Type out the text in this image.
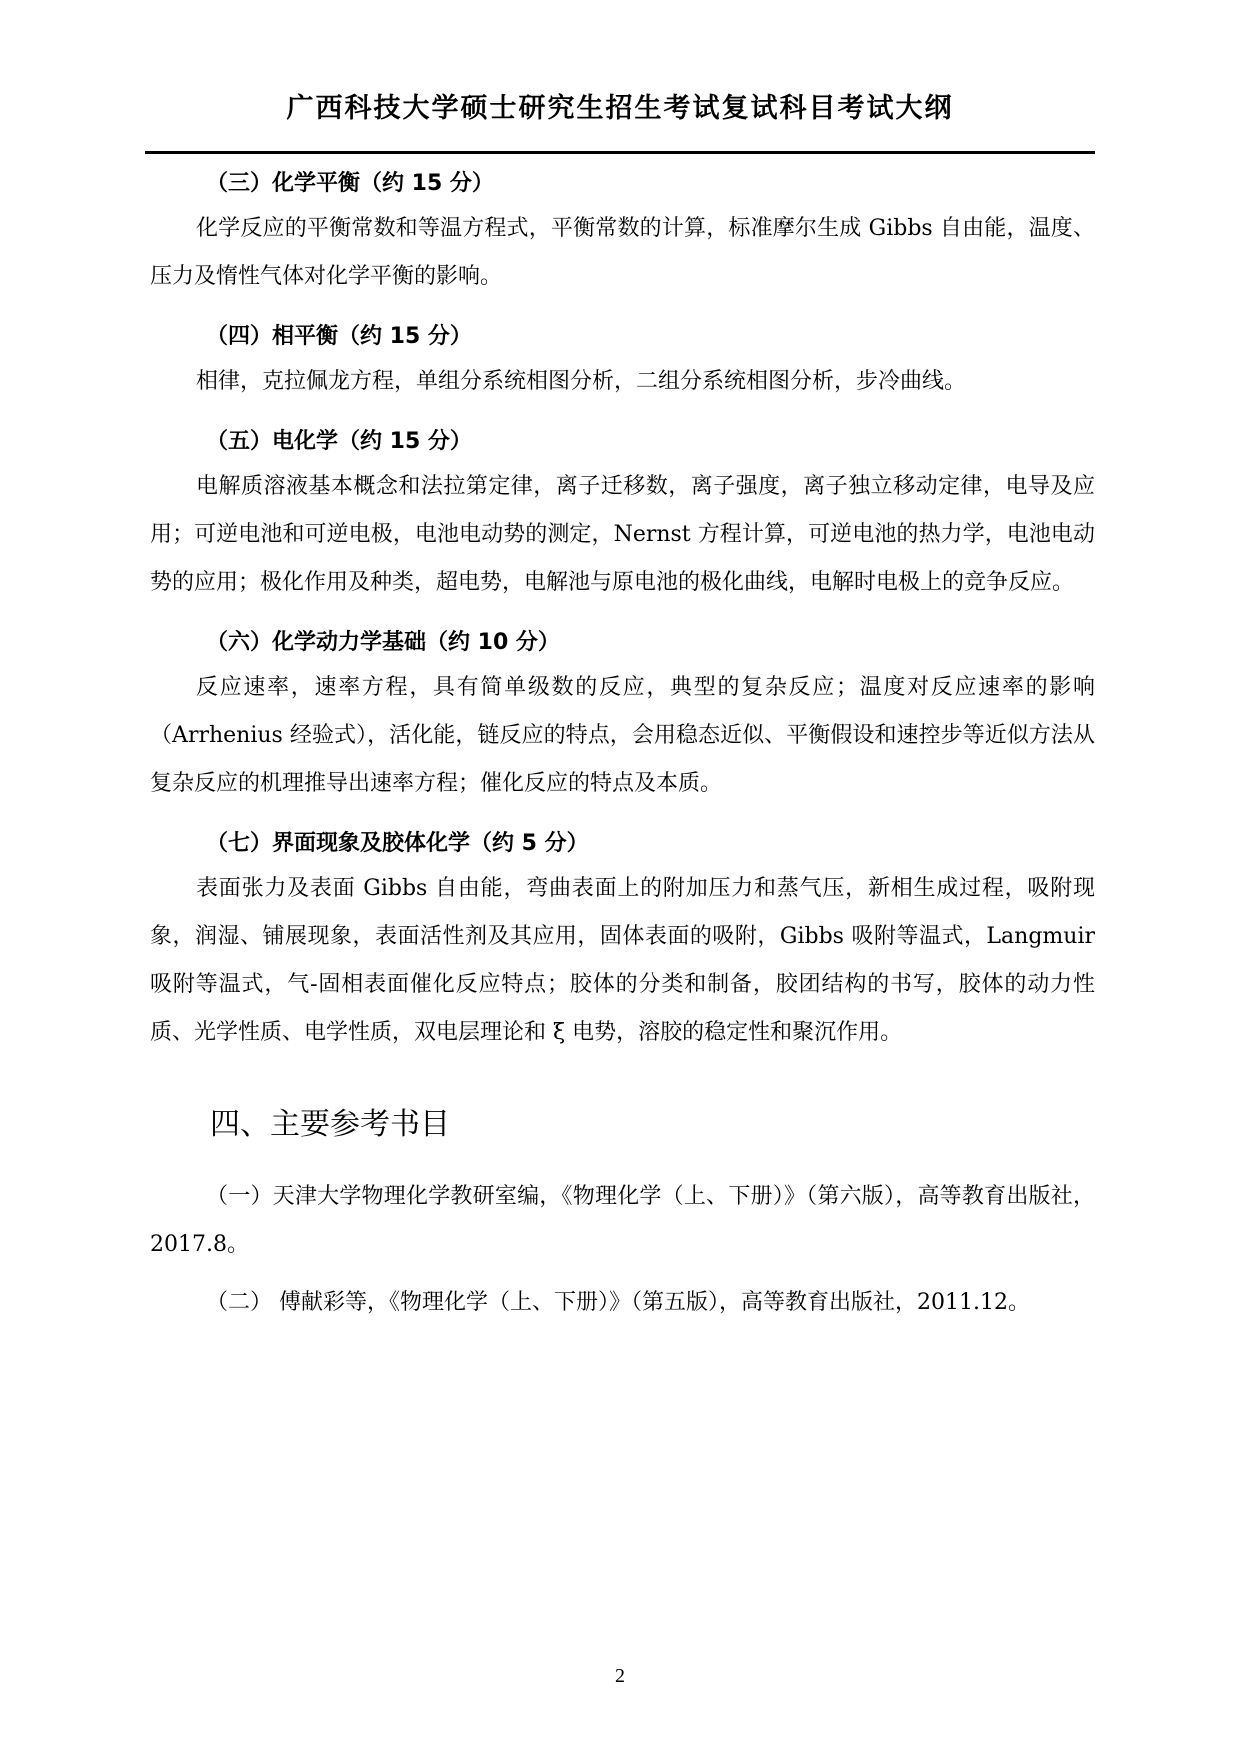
广西科技大学硕士研究生招生考试复试科目考试大纲

（三）化学平衡（约 15 分）

化学反应的平衡常数和等温方程式，平衡常数的计算，标准摩尔生成 Gibbs 自由能，温度、压力及惰性气体对化学平衡的影响。

（四）相平衡（约 15 分）

相律，克拉佩龙方程，单组分系统相图分析，二组分系统相图分析，步冷曲线。

（五）电化学（约 15 分）

电解质溶液基本概念和法拉第定律，离子迁移数，离子强度，离子独立移动定律，电导及应用；可逆电池和可逆电极，电池电动势的测定，Nernst 方程计算，可逆电池的热力学，电池电动势的应用；极化作用及种类，超电势，电解池与原电池的极化曲线，电解时电极上的竞争反应。

（六）化学动力学基础（约 10 分）

反应速率，速率方程，具有简单级数的反应，典型的复杂反应；温度对反应速率的影响（Arrhenius 经验式），活化能，链反应的特点，会用稳态近似、平衡假设和速控步等近似方法从复杂反应的机理推导出速率方程；催化反应的特点及本质。

（七）界面现象及胶体化学（约 5 分）

表面张力及表面 Gibbs 自由能，弯曲表面上的附加压力和蒸气压，新相生成过程，吸附现象，润湿、铺展现象，表面活性剂及其应用，固体表面的吸附，Gibbs 吸附等温式，Langmuir 吸附等温式，气-固相表面催化反应特点；胶体的分类和制备，胶团结构的书写，胶体的动力性质、光学性质、电学性质，双电层理论和 ξ 电势，溶胶的稳定性和聚沉作用。

四、主要参考书目

（一）天津大学物理化学教研室编，《物理化学（上、下册）》（第六版），高等教育出版社，2017.8。

（二） 傅献彩等，《物理化学（上、下册）》（第五版），高等教育出版社，2011.12。

2
